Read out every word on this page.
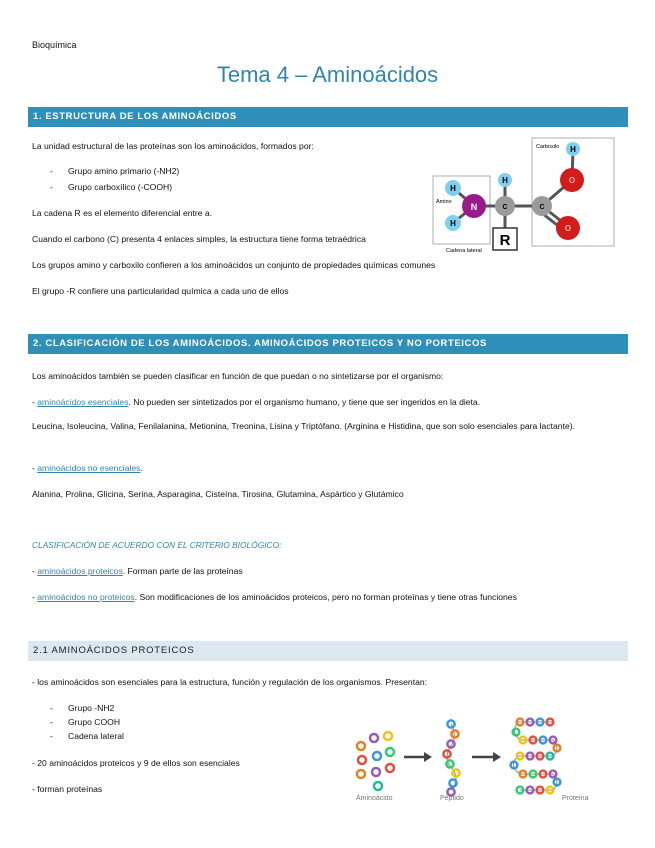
Bioquímica
Tema 4 – Aminoácidos
1. ESTRUCTURA DE LOS AMINOÁCIDOS
La unidad estructural de las proteínas son los aminoácidos, formados por:
- Grupo amino primario (-NH2)
- Grupo carboxílico (-COOH)
La cadena R es el elemento diferencial entre a.
Cuando el carbono (C) presenta 4 enlaces simples, la estructura tiene forma tetraédrica
Los grupos amino y carboxilo confieren a los aminoácidos un conjunto de propiedades químicas comunes
El grupo -R confiere una particularidad química a cada uno de ellos
H
H
N
H
C
R
C
O
O
H
Amino
Carboxilo
Cadena lateral
2. CLASIFICACIÓN DE LOS AMINOÁCIDOS. AMINOÁCIDOS PROTEICOS Y NO PORTEICOS
Los aminoácidos también se pueden clasificar en función de que puedan o no sintetizarse por el organismo:
- aminoácidos esenciales. No pueden ser sintetizados por el organismo humano, y tiene que ser ingeridos en la dieta.
Leucina, Isoleucina, Valina, Fenilalanina, Metionina, Treonina, Lisina y Triptófano. (Arginina e Histidina, que son solo esenciales para lactante).
- aminoácidos no esenciales.
Alanina, Prolina, Glicina, Serina, Asparagina, Cisteína, Tirosina, Glutamina, Aspártico y Glutámico
CLASIFICACIÓN DE ACUERDO CON EL CRITERIO BIOLÓGICO:
- aminoácidos proteicos. Forman parte de las proteínas
- aminoácidos no proteicos. Son modificaciones de los aminoácidos proteicos, pero no forman proteínas y tiene otras funciones
2.1 AMINOÁCIDOS PROTEICOS
- los aminoácidos son esenciales para la estructura, función y regulación de los organismos. Presentan:
- Grupo -NH2
- Grupo COOH
- Cadena lateral
- 20 aminoácidos proteicos y 9 de ellos son esenciales
- forman proteínas
Aminoácido	Péptido	Proteína
